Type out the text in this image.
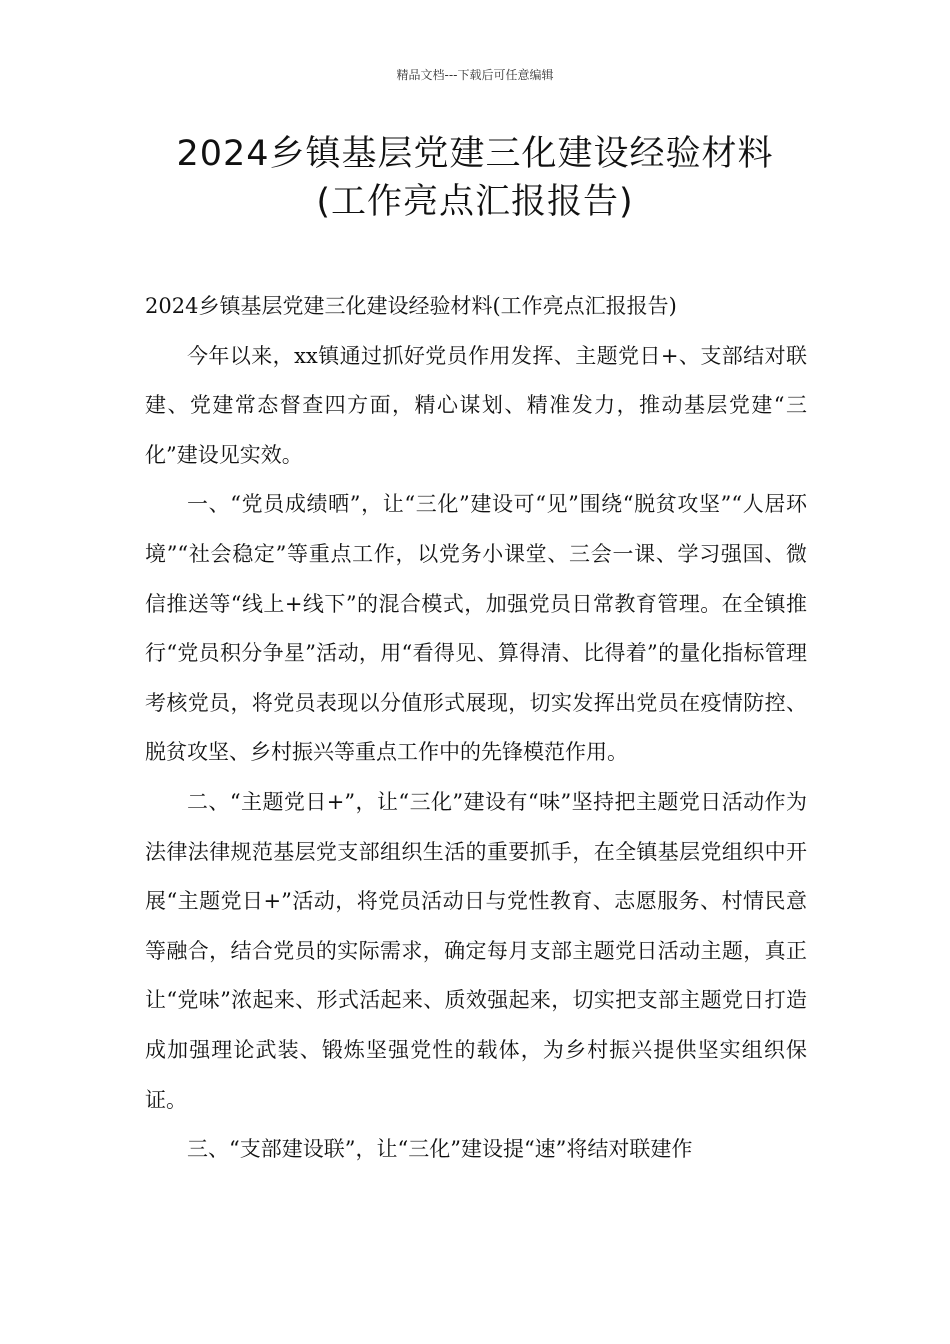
精品文档---下载后可任意编辑
2024乡镇基层党建三化建设经验材料
(工作亮点汇报报告)

2024乡镇基层党建三化建设经验材料(工作亮点汇报报告)

今年以来，xx镇通过抓好党员作用发挥、主题党日+、支部结对联建、党建常态督查四方面，精心谋划、精准发力，推动基层党建“三化”建设见实效。

一、“党员成绩晒”，让“三化”建设可“见”围绕“脱贫攻坚”“人居环境”“社会稳定”等重点工作，以党务小课堂、三会一课、学习强国、微信推送等“线上+线下”的混合模式，加强党员日常教育管理。在全镇推行“党员积分争星”活动，用“看得见、算得清、比得着”的量化指标管理考核党员，将党员表现以分值形式展现，切实发挥出党员在疫情防控、脱贫攻坚、乡村振兴等重点工作中的先锋模范作用。

二、“主题党日+”，让“三化”建设有“味”坚持把主题党日活动作为法律法律规范基层党支部组织生活的重要抓手，在全镇基层党组织中开展“主题党日+”活动，将党员活动日与党性教育、志愿服务、村情民意等融合，结合党员的实际需求，确定每月支部主题党日活动主题，真正让“党味”浓起来、形式活起来、质效强起来，切实把支部主题党日打造成加强理论武装、锻炼坚强党性的载体，为乡村振兴提供坚实组织保证。

三、“支部建设联”，让“三化”建设提“速”将结对联建作
